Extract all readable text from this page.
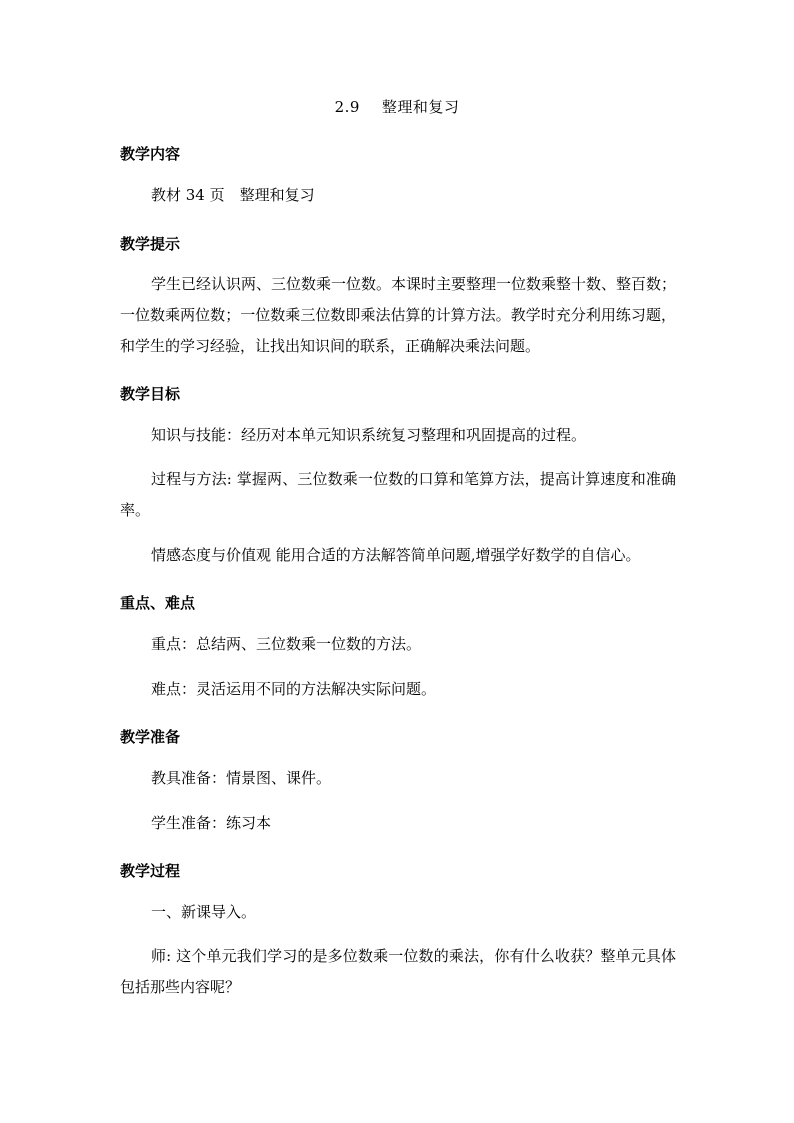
2.9 整理和复习
教学内容
教材 34 页　整理和复习
教学提示
学生已经认识两、三位数乘一位数。本课时主要整理一位数乘整十数、整百数；一位数乘两位数；一位数乘三位数即乘法估算的计算方法。教学时充分利用练习题，和学生的学习经验，让找出知识间的联系，正确解决乘法问题。
教学目标
知识与技能：经历对本单元知识系统复习整理和巩固提高的过程。
过程与方法: 掌握两、三位数乘一位数的口算和笔算方法，提高计算速度和准确率。
情感态度与价值观 能用合适的方法解答简单问题,增强学好数学的自信心。
重点、难点
重点：总结两、三位数乘一位数的方法。
难点：灵活运用不同的方法解决实际问题。
教学准备
教具准备：情景图、课件。
学生准备：练习本
教学过程
一、新课导入。
师: 这个单元我们学习的是多位数乘一位数的乘法，你有什么收获？整单元具体包括那些内容呢？
